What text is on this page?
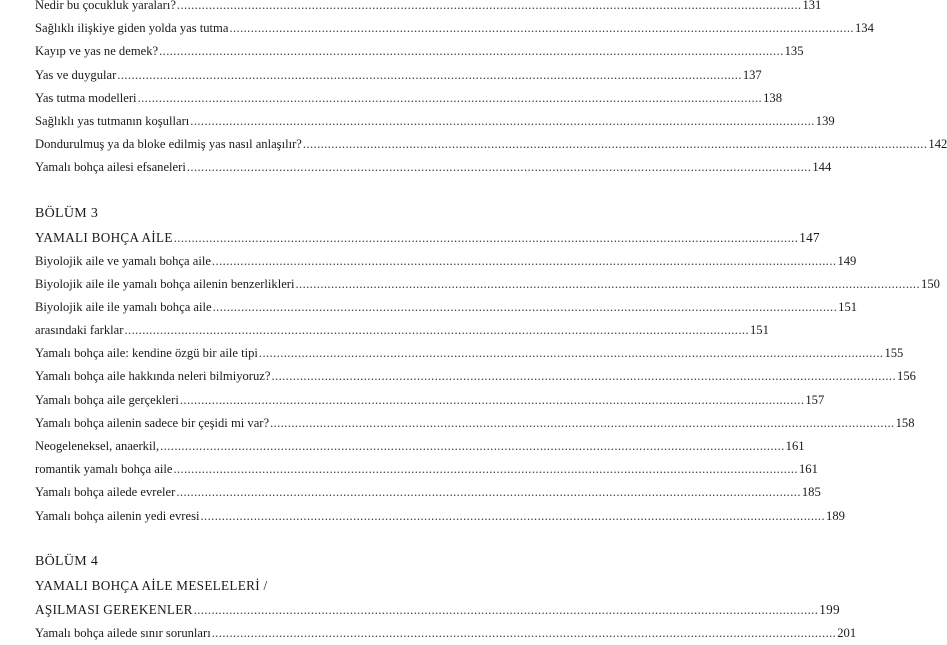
Nedir bu çocukluk yaraları? .....	131
Sağlıklı ilişkiye giden yolda yas tutma .....	134
Kayıp ve yas ne demek? .....	135
Yas ve duygular .....	137
Yas tutma modelleri .....	138
Sağlıklı yas tutmanın koşulları .....	139
Dondurulmuş ya da bloke edilmiş yas nasıl anlaşılır? .....	142
Yamalı bohça ailesi efsaneleri .....	144
BÖLÜM 3
YAMALI BOHÇA AİLE .....	147
Biyolojik aile ve yamalı bohça aile .....	149
Biyolojik aile ile yamalı bohça ailenin benzerlikleri .....	150
Biyolojik aile ile yamalı bohça aile .....	151
arasındaki farklar .....	151
Yamalı bohça aile: kendine özgü bir aile tipi .....	155
Yamalı bohça aile hakkında neleri bilmiyoruz? .....	156
Yamalı bohça aile gerçekleri .....	157
Yamalı bohça ailenin sadece bir çeşidi mi var? .....	158
Neogeleneksel, anaerkil, .....	161
romantik yamalı bohça aile .....	161
Yamalı bohça ailede evreler .....	185
Yamalı bohça ailenin yedi evresi .....	189
BÖLÜM 4
YAMALI BOHÇA AİLE MESELELERİ /
AŞILMASI GEREKENLER .....	199
Yamalı bohça ailede sınır sorunları .....	201
